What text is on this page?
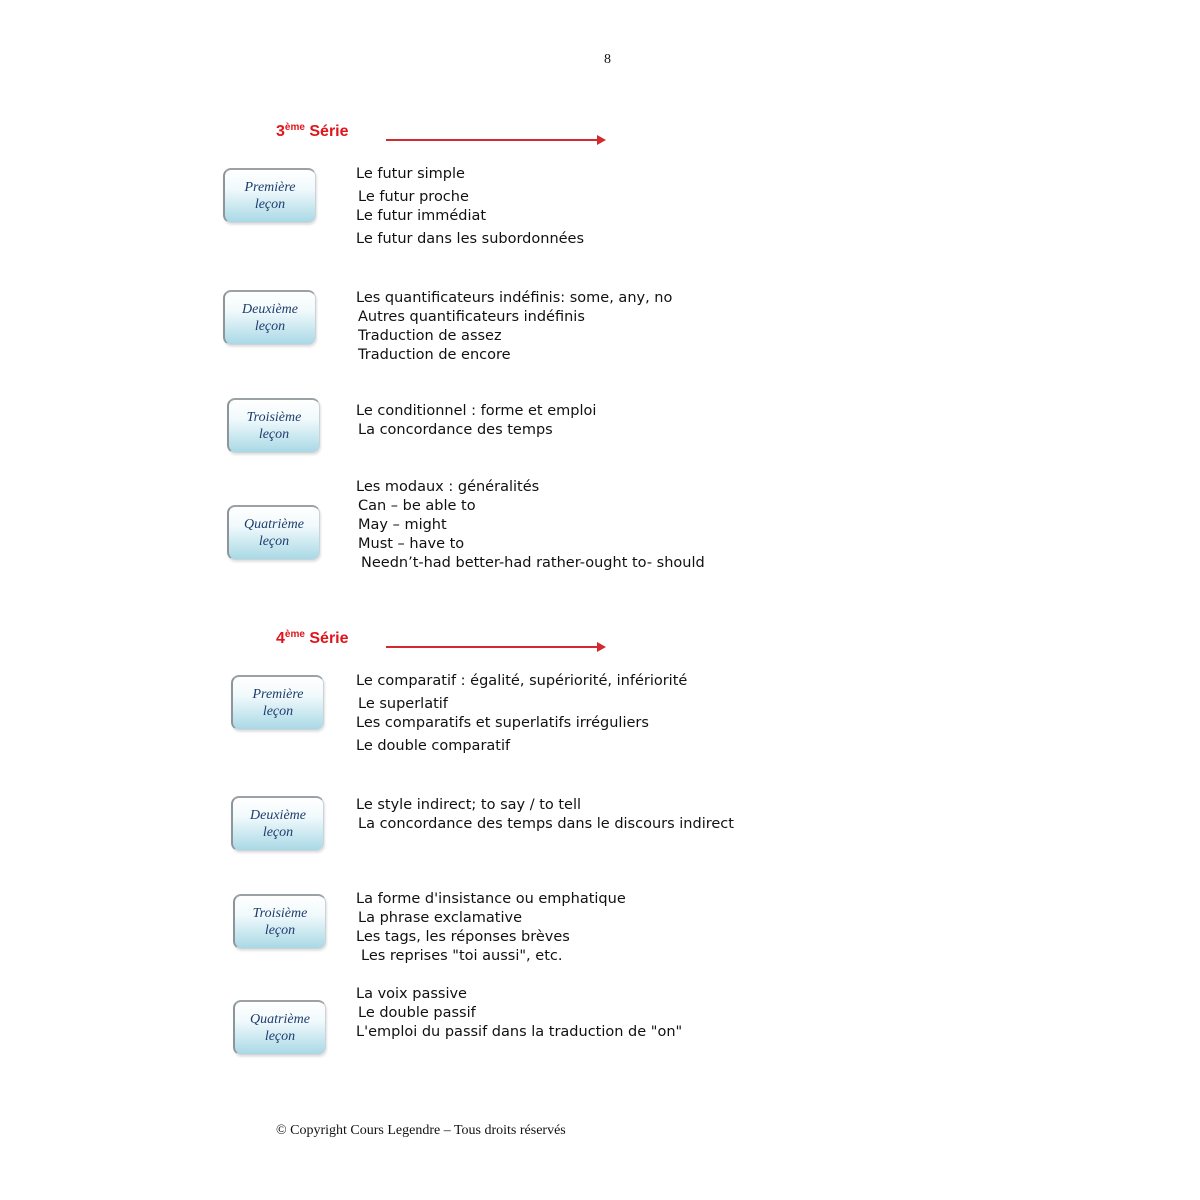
8
3ème Série
Première
leçon
Le futur simple
Le futur proche
Le futur immédiat
Le futur dans les subordonnées
Deuxième
leçon
Les quantificateurs indéfinis: some, any, no
Autres quantificateurs indéfinis
Traduction de assez
Traduction de encore
Troisième
leçon
Le conditionnel : forme et emploi
La concordance des temps
Quatrième
leçon
Les modaux : généralités
Can – be able to
May – might
Must – have to
Needn’t-had better-had rather-ought to- should
4ème Série
Première
leçon
Le comparatif : égalité, supériorité, infériorité
Le superlatif
Les comparatifs et superlatifs irréguliers
Le double comparatif
Deuxième
leçon
Le style indirect; to say / to tell
La concordance des temps dans le discours indirect
Troisième
leçon
La forme d'insistance ou emphatique
La phrase exclamative
Les tags, les réponses brèves
Les reprises "toi aussi", etc.
Quatrième
leçon
La voix passive
Le double passif
L'emploi du passif dans la traduction de "on"
© Copyright Cours Legendre – Tous droits réservés
